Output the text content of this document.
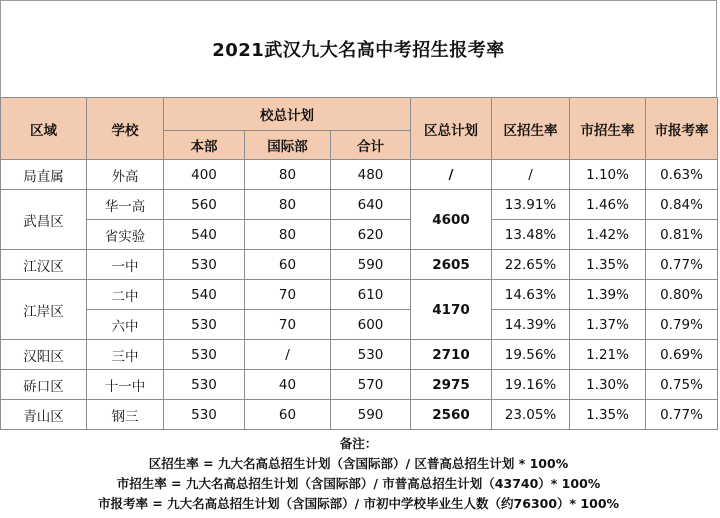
2021武汉九大名高中考招生报考率
区域	学校	校总计划			区总计划	区招生率	市招生率	市报考率
		本部	国际部	合计				
局直属	外高	400	80	480	/	/	1.10%	0.63%
武昌区	华一高	560	80	640	4600	13.91%	1.46%	0.84%
	省实验	540	80	620		13.48%	1.42%	0.81%
江汉区	一中	530	60	590	2605	22.65%	1.35%	0.77%
江岸区	二中	540	70	610	4170	14.63%	1.39%	0.80%
	六中	530	70	600		14.39%	1.37%	0.79%
汉阳区	三中	530	/	530	2710	19.56%	1.21%	0.69%
硚口区	十一中	530	40	570	2975	19.16%	1.30%	0.75%
青山区	钢三	530	60	590	2560	23.05%	1.35%	0.77%
备注：
区招生率 = 九大名高总招生计划（含国际部）/ 区普高总招生计划 * 100%
市招生率 = 九大名高总招生计划（含国际部）/ 市普高总招生计划（43740）* 100%
市报考率 = 九大名高总招生计划（含国际部）/ 市初中学校毕业生人数（约76300）* 100%
